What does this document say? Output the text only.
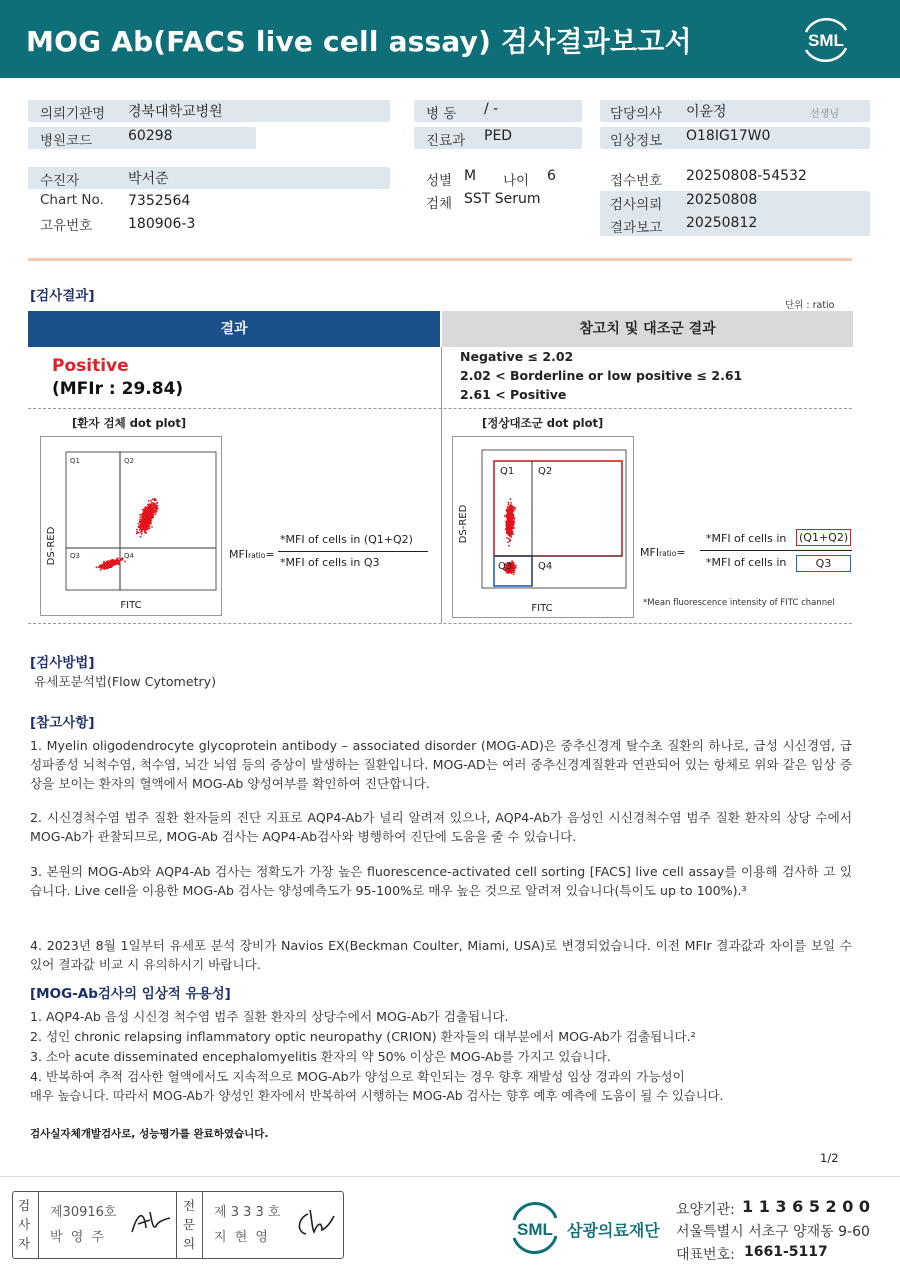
MOG Ab(FACS live cell assay) 검사결과보고서	SML
의뢰기관명 경북대학교병원
병원코드	60298
병 동 / -
진료과 PED
담당의사 이윤정	선생님
임상정보 O18IG17W0
수진자	박서준
Chart No. 7352564
고유번호	180906-3
성별 M 나이 6
검체 SST Serum
접수번호 20250808-54532
검사의뢰 20250808
결과보고 20250812
[검사결과]
단위 : ratio
결과	참고치 및 대조군 결과
Positive
(MFIr : 29.84)
Negative ≤ 2.02
2.02 < Borderline or low positive ≤ 2.61
2.61 < Positive
[환자 검체 dot plot]	[정상대조군 dot plot]
Q1	Q2
Q3	Q4
DS-RED
FITC
MFIratio=
*MFI of cells in (Q1+Q2)
*MFI of cells in Q3
Q1 Q2
Q3	Q4
DS-RED
FITC
MFIratio=
*MFI of cells in (Q1+Q2)
*MFI of cells in	Q3
*Mean fluorescence intensity of FITC channel
[검사방법]
유세포분석법(Flow Cytometry)
[참고사항]
1. Myelin oligodendrocyte glycoprotein antibody – associated disorder (MOG-AD)은 중추신경계 탈수초 질환의 하나로, 급성 시신경염, 급성파종성 뇌척수염, 척수염, 뇌간 뇌염 등의 증상이 발생하는 질환입니다. MOG-AD는 여러 중추신경계질환과 연관되어 있는 항체로 위와 같은 임상 증상을 보이는 환자의 혈액에서 MOG-Ab 양성여부를 확인하여 진단합니다.
2. 시신경척수염 범주 질환 환자들의 진단 지표로 AQP4-Ab가 널리 알려져 있으나, AQP4-Ab가 음성인 시신경척수염 범주 질환 환자의 상당 수에서 MOG-Ab가 관찰되므로, MOG-Ab 검사는 AQP4-Ab검사와 병행하여 진단에 도움을 줄 수 있습니다.
3. 본원의 MOG-Ab와 AQP4-Ab 검사는 정확도가 가장 높은 fluorescence-activated cell sorting [FACS] live cell assay를 이용해 검사하 고 있습니다. Live cell을 이용한 MOG-Ab 검사는 양성예측도가 95-100%로 매우 높은 것으로 알려져 있습니다(특이도 up to 100%).³
4. 2023년 8월 1일부터 유세포 분석 장비가 Navios EX(Beckman Coulter, Miami, USA)로 변경되었습니다. 이전 MFIr 결과값과 차이를 보일 수 있어 결과값 비교 시 유의하시기 바랍니다.
[MOG-Ab검사의 임상적 유용성]
1. AQP4-Ab 음성 시신경 척수염 범주 질환 환자의 상당수에서 MOG-Ab가 검출됩니다.
2. 성인 chronic relapsing inflammatory optic neuropathy (CRION) 환자들의 대부분에서 MOG-Ab가 검출됩니다.²
3. 소아 acute disseminated encephalomyelitis 환자의 약 50% 이상은 MOG-Ab를 가지고 있습니다.
4. 반복하여 추적 검사한 혈액에서도 지속적으로 MOG-Ab가 양성으로 확인되는 경우 향후 재발성 임상 경과의 가능성이
매우 높습니다. 따라서 MOG-Ab가 양성인 환자에서 반복하여 시행하는 MOG-Ab 검사는 향후 예후 예측에 도움이 될 수 있습니다.
검사실자체개발검사로, 성능평가를 완료하였습니다.
1/2
검사자
제30916호
박 영 주
전문의
제 3 3 3 호
지 현 영	SML 삼광의료재단
요양기관: 1 1 3 6 5 2 0 0
서울특별시 서초구 양재동 9-60
대표번호: 1661-5117
